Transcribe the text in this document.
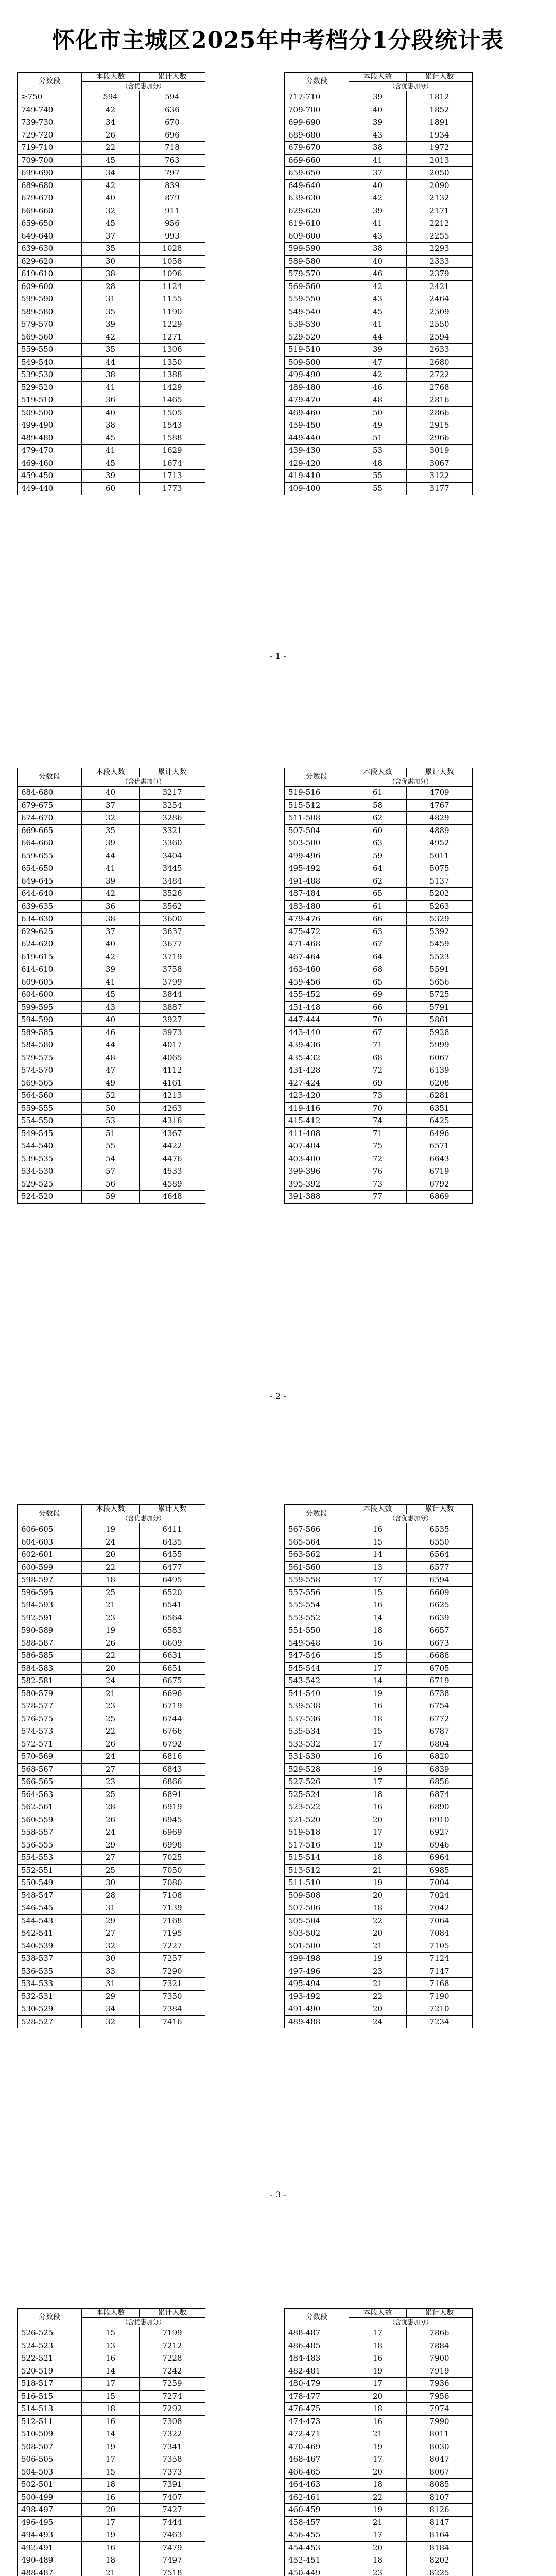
怀化市主城区2025年中考档分1分段统计表
分数段	本段人数	累计人数
	（含优惠加分）	
≥750	594	594
749-740	42	636
739-730	34	670
729-720	26	696
719-710	22	718
709-700	45	763
699-690	34	797
689-680	42	839
679-670	40	879
669-660	32	911
659-650	45	956
649-640	37	993
639-630	35	1028
629-620	30	1058
619-610	38	1096
609-600	28	1124
599-590	31	1155
589-580	35	1190
579-570	39	1229
569-560	42	1271
559-550	35	1306
549-540	44	1350
539-530	38	1388
529-520	41	1429
519-510	36	1465
509-500	40	1505
499-490	38	1543
489-480	45	1588
479-470	41	1629
469-460	45	1674
459-450	39	1713
449-440	60	1773
分数段	本段人数	累计人数
	（含优惠加分）	
717-710	39	1812
709-700	40	1852
699-690	39	1891
689-680	43	1934
679-670	38	1972
669-660	41	2013
659-650	37	2050
649-640	40	2090
639-630	42	2132
629-620	39	2171
619-610	41	2212
609-600	43	2255
599-590	38	2293
589-580	40	2333
579-570	46	2379
569-560	42	2421
559-550	43	2464
549-540	45	2509
539-530	41	2550
529-520	44	2594
519-510	39	2633
509-500	47	2680
499-490	42	2722
489-480	46	2768
479-470	48	2816
469-460	50	2866
459-450	49	2915
449-440	51	2966
439-430	53	3019
429-420	48	3067
419-410	55	3122
409-400	55	3177
分数段	本段人数	累计人数
	（含优惠加分）	
684-680	40	3217
679-675	37	3254
674-670	32	3286
669-665	35	3321
664-660	39	3360
659-655	44	3404
654-650	41	3445
649-645	39	3484
644-640	42	3526
639-635	36	3562
634-630	38	3600
629-625	37	3637
624-620	40	3677
619-615	42	3719
614-610	39	3758
609-605	41	3799
604-600	45	3844
599-595	43	3887
594-590	40	3927
589-585	46	3973
584-580	44	4017
579-575	48	4065
574-570	47	4112
569-565	49	4161
564-560	52	4213
559-555	50	4263
554-550	53	4316
549-545	51	4367
544-540	55	4422
539-535	54	4476
534-530	57	4533
529-525	56	4589
524-520	59	4648
分数段	本段人数	累计人数
	（含优惠加分）	
519-516	61	4709
515-512	58	4767
511-508	62	4829
507-504	60	4889
503-500	63	4952
499-496	59	5011
495-492	64	5075
491-488	62	5137
487-484	65	5202
483-480	61	5263
479-476	66	5329
475-472	63	5392
471-468	67	5459
467-464	64	5523
463-460	68	5591
459-456	65	5656
455-452	69	5725
451-448	66	5791
447-444	70	5861
443-440	67	5928
439-436	71	5999
435-432	68	6067
431-428	72	6139
427-424	69	6208
423-420	73	6281
419-416	70	6351
415-412	74	6425
411-408	71	6496
407-404	75	6571
403-400	72	6643
399-396	76	6719
395-392	73	6792
391-388	77	6869
分数段	本段人数	累计人数
	（含优惠加分）	
606-605	19	6411
604-603	24	6435
602-601	20	6455
600-599	22	6477
598-597	18	6495
596-595	25	6520
594-593	21	6541
592-591	23	6564
590-589	19	6583
588-587	26	6609
586-585	22	6631
584-583	20	6651
582-581	24	6675
580-579	21	6696
578-577	23	6719
576-575	25	6744
574-573	22	6766
572-571	26	6792
570-569	24	6816
568-567	27	6843
566-565	23	6866
564-563	25	6891
562-561	28	6919
560-559	26	6945
558-557	24	6969
556-555	29	6998
554-553	27	7025
552-551	25	7050
550-549	30	7080
548-547	28	7108
546-545	31	7139
544-543	29	7168
542-541	27	7195
540-539	32	7227
538-537	30	7257
536-535	33	7290
534-533	31	7321
532-531	29	7350
530-529	34	7384
528-527	32	7416
分数段	本段人数	累计人数
	（含优惠加分）	
567-566	16	6535
565-564	15	6550
563-562	14	6564
561-560	13	6577
559-558	17	6594
557-556	15	6609
555-554	16	6625
553-552	14	6639
551-550	18	6657
549-548	16	6673
547-546	15	6688
545-544	17	6705
543-542	14	6719
541-540	19	6738
539-538	16	6754
537-536	18	6772
535-534	15	6787
533-532	17	6804
531-530	16	6820
529-528	19	6839
527-526	17	6856
525-524	18	6874
523-522	16	6890
521-520	20	6910
519-518	17	6927
517-516	19	6946
515-514	18	6964
513-512	21	6985
511-510	19	7004
509-508	20	7024
507-506	18	7042
505-504	22	7064
503-502	20	7084
501-500	21	7105
499-498	19	7124
497-496	23	7147
495-494	21	7168
493-492	22	7190
491-490	20	7210
489-488	24	7234
分数段	本段人数	累计人数
	（含优惠加分）	
526-525	15	7199
524-523	13	7212
522-521	16	7228
520-519	14	7242
518-517	17	7259
516-515	15	7274
514-513	18	7292
512-511	16	7308
510-509	14	7322
508-507	19	7341
506-505	17	7358
504-503	15	7373
502-501	18	7391
500-499	16	7407
498-497	20	7427
496-495	17	7444
494-493	19	7463
492-491	16	7479
490-489	18	7497
488-487	21	7518

分数段	本段人数	累计人数
	（含优惠加分）	
488-487	17	7866
486-485	18	7884
484-483	16	7900
482-481	19	7919
480-479	17	7936
478-477	20	7956
476-475	18	7974
474-473	16	7990
472-471	21	8011
470-469	19	8030
468-467	17	8047
466-465	20	8067
464-463	18	8085
462-461	22	8107
460-459	19	8126
458-457	21	8147
456-455	17	8164
454-453	20	8184
452-451	18	8202
450-449	23	8225

- 1 -
- 2 -
- 3 -
